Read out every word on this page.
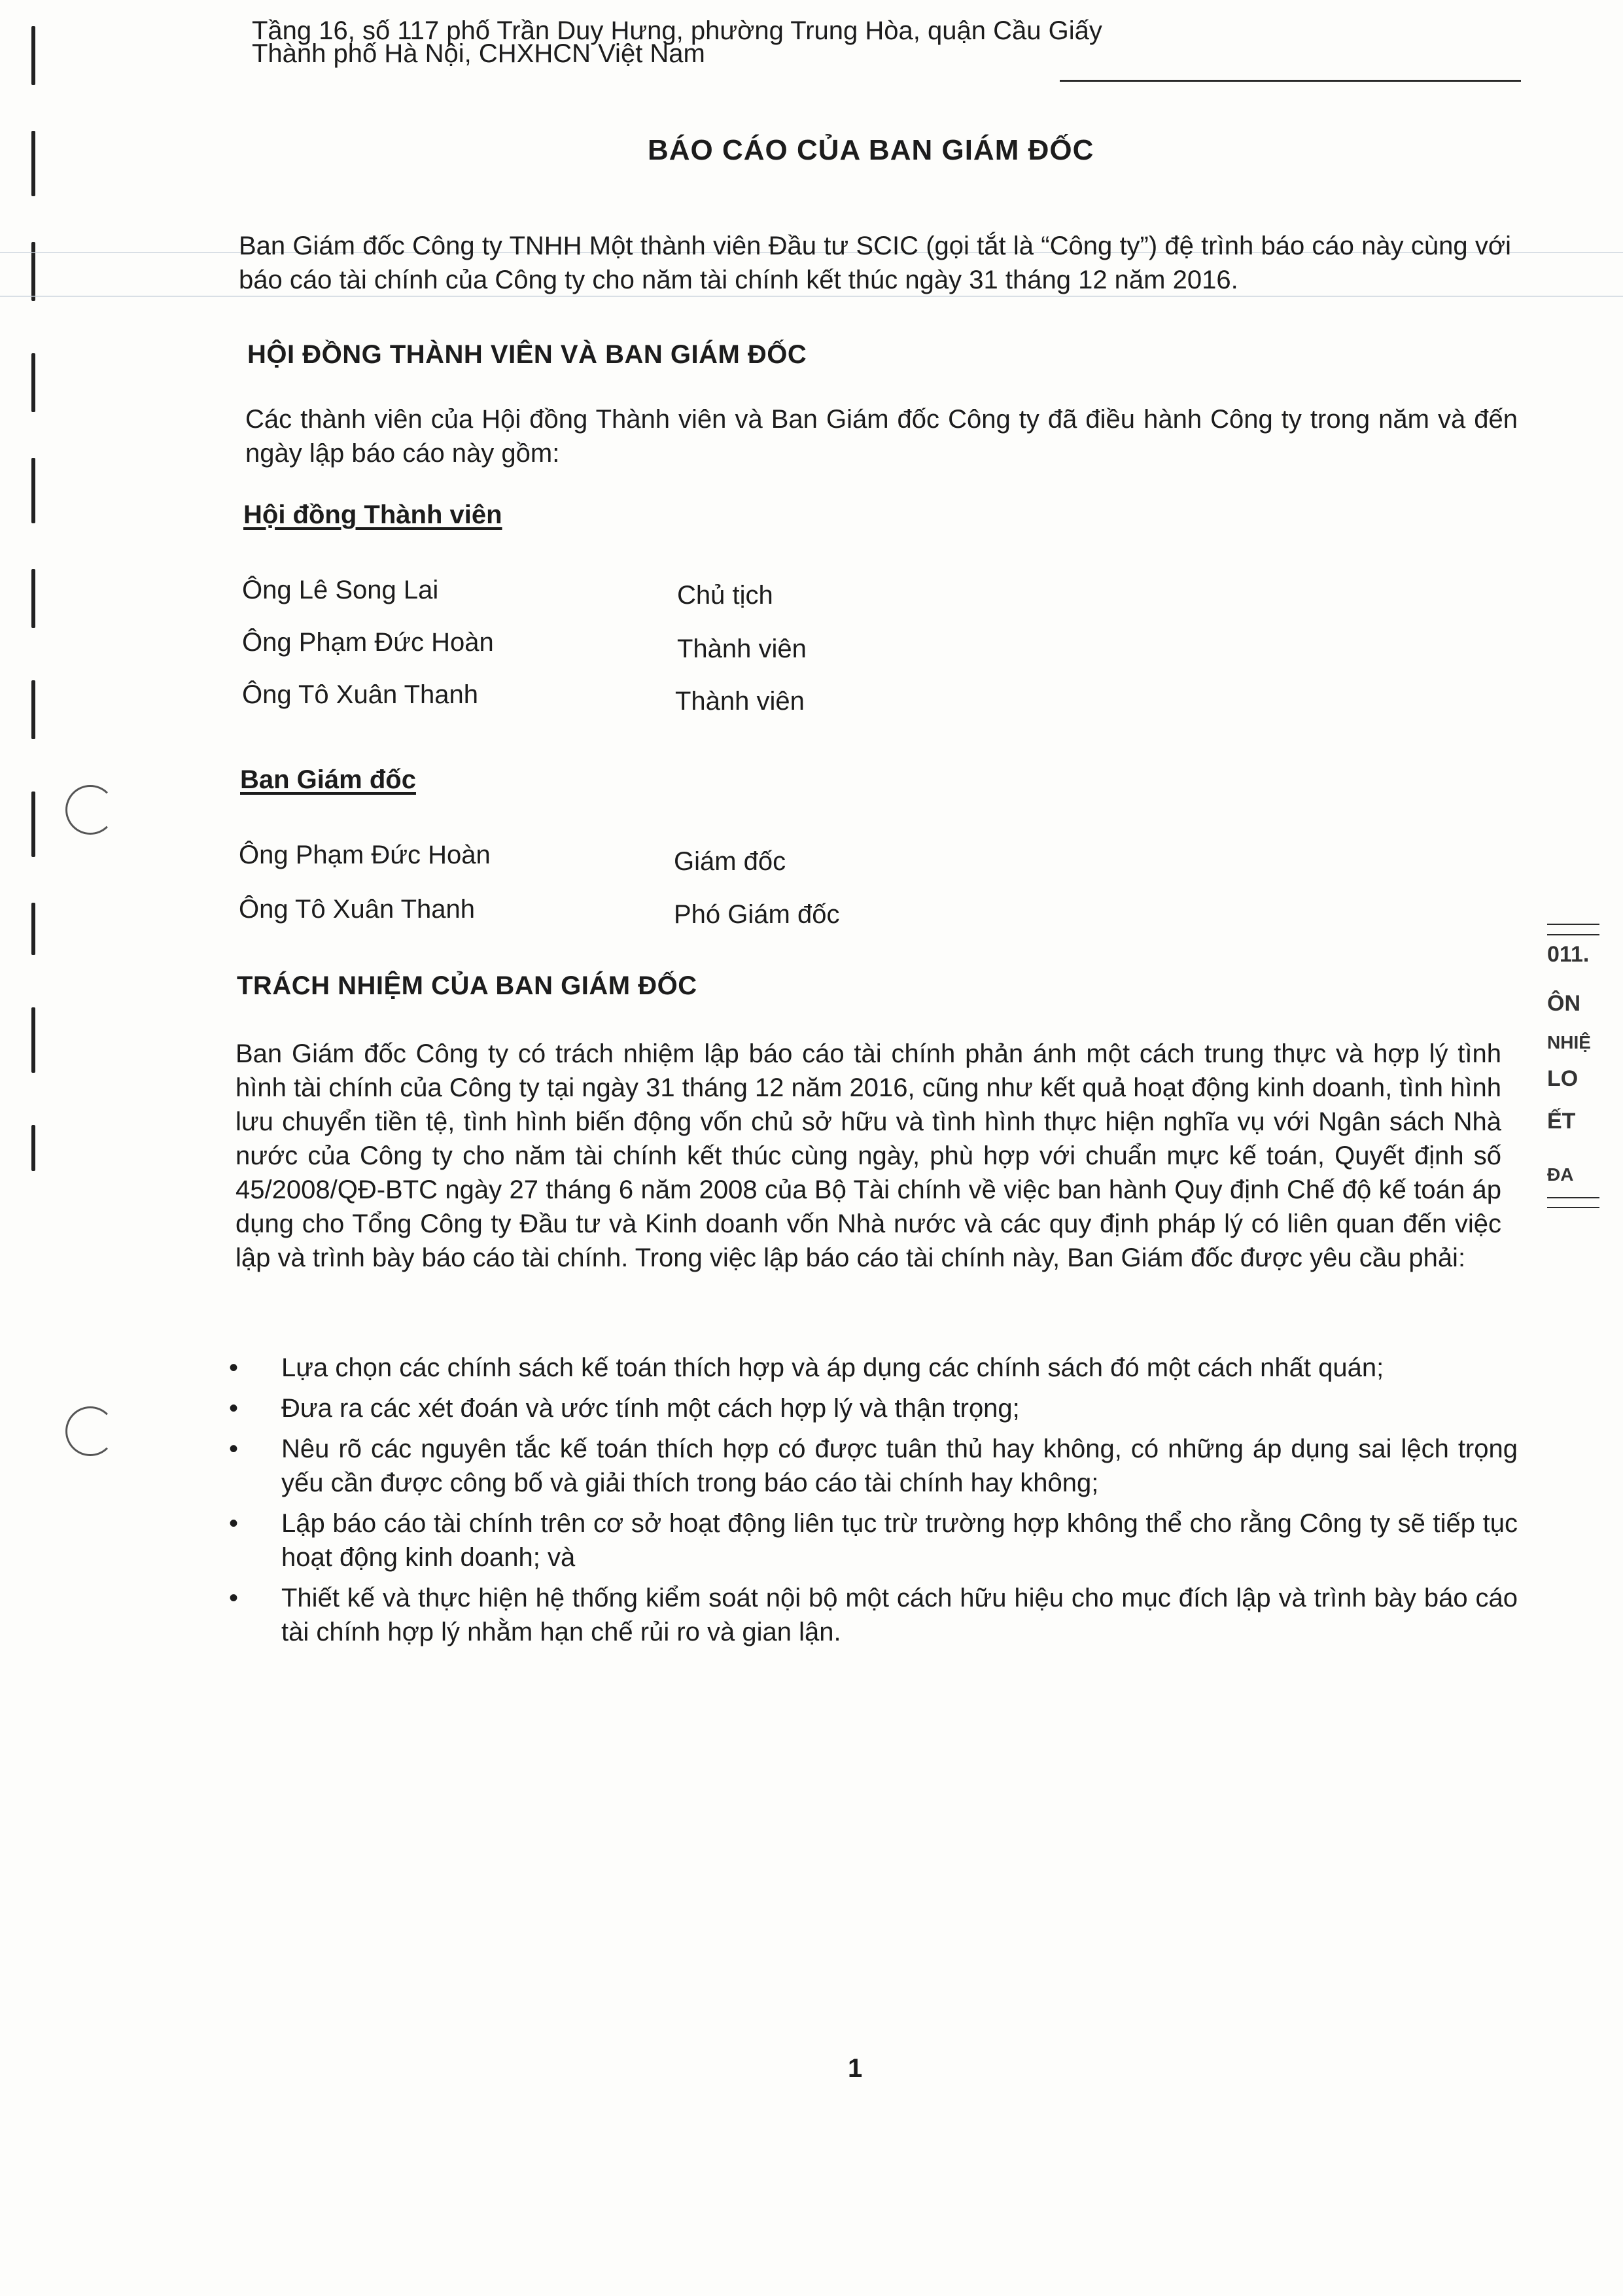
Tầng 16, số 117 phố Trần Duy Hưng, phường Trung Hòa, quận Cầu Giấy
Thành phố Hà Nội, CHXHCN Việt Nam
BÁO CÁO CỦA BAN GIÁM ĐỐC
Ban Giám đốc Công ty TNHH Một thành viên Đầu tư SCIC (gọi tắt là “Công ty”) đệ trình báo cáo này cùng với báo cáo tài chính của Công ty cho năm tài chính kết thúc ngày 31 tháng 12 năm 2016.
HỘI ĐỒNG THÀNH VIÊN VÀ BAN GIÁM ĐỐC
Các thành viên của Hội đồng Thành viên và Ban Giám đốc Công ty đã điều hành Công ty trong năm và đến ngày lập báo cáo này gồm:
Hội đồng Thành viên
Ông Lê Song Lai	Chủ tịch
Ông Phạm Đức Hoàn	Thành viên
Ông Tô Xuân Thanh	Thành viên
Ban Giám đốc
Ông Phạm Đức Hoàn	Giám đốc
Ông Tô Xuân Thanh	Phó Giám đốc
TRÁCH NHIỆM CỦA BAN GIÁM ĐỐC
Ban Giám đốc Công ty có trách nhiệm lập báo cáo tài chính phản ánh một cách trung thực và hợp lý tình hình tài chính của Công ty tại ngày 31 tháng 12 năm 2016, cũng như kết quả hoạt động kinh doanh, tình hình lưu chuyển tiền tệ, tình hình biến động vốn chủ sở hữu và tình hình thực hiện nghĩa vụ với Ngân sách Nhà nước của Công ty cho năm tài chính kết thúc cùng ngày, phù hợp với chuẩn mực kế toán, Quyết định số 45/2008/QĐ-BTC ngày 27 tháng 6 năm 2008 của Bộ Tài chính về việc ban hành Quy định Chế độ kế toán áp dụng cho Tổng Công ty Đầu tư và Kinh doanh vốn Nhà nước và các quy định pháp lý có liên quan đến việc lập và trình bày báo cáo tài chính. Trong việc lập báo cáo tài chính này, Ban Giám đốc được yêu cầu phải:
• Lựa chọn các chính sách kế toán thích hợp và áp dụng các chính sách đó một cách nhất quán;
• Đưa ra các xét đoán và ước tính một cách hợp lý và thận trọng;
• Nêu rõ các nguyên tắc kế toán thích hợp có được tuân thủ hay không, có những áp dụng sai lệch trọng yếu cần được công bố và giải thích trong báo cáo tài chính hay không;
• Lập báo cáo tài chính trên cơ sở hoạt động liên tục trừ trường hợp không thể cho rằng Công ty sẽ tiếp tục hoạt động kinh doanh; và
• Thiết kế và thực hiện hệ thống kiểm soát nội bộ một cách hữu hiệu cho mục đích lập và trình bày báo cáo tài chính hợp lý nhằm hạn chế rủi ro và gian lận.
1
011.
ÔN
NHIỆ
LO
ẾT
ĐA
